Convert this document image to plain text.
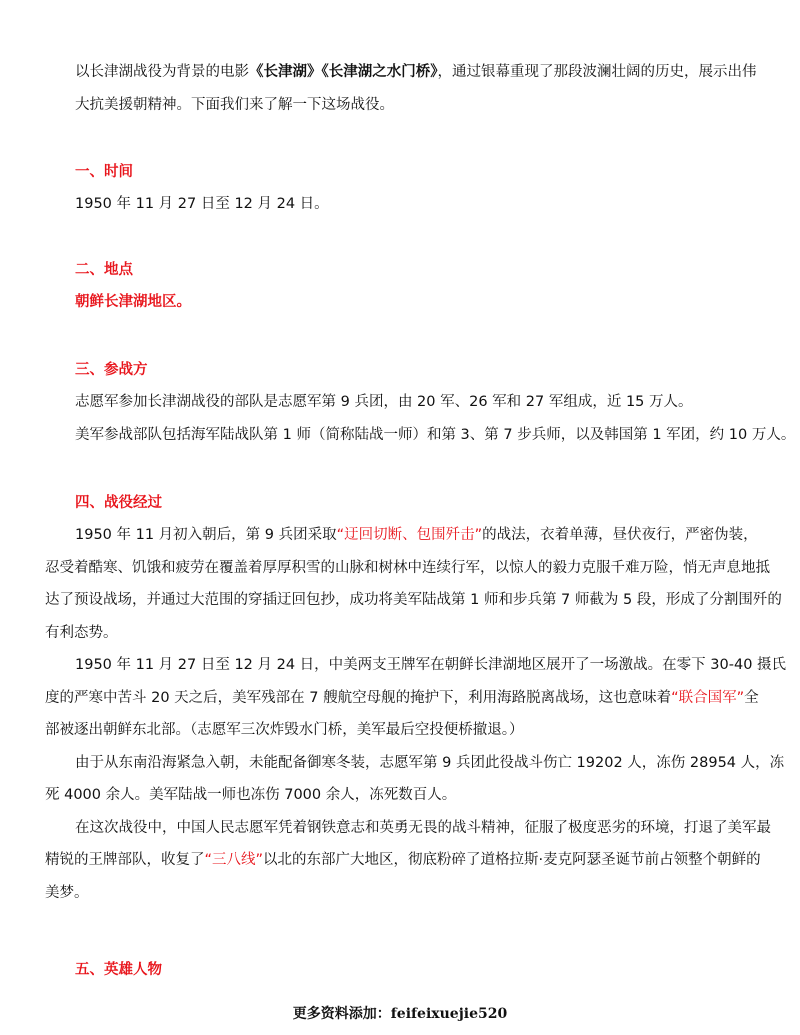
以长津湖战役为背景的电影《长津湖》《长津湖之水门桥》，通过银幕重现了那段波澜壮阔的历史，展示出伟
大抗美援朝精神。下面我们来了解一下这场战役。
一、时间
1950 年 11 月 27 日至 12 月 24 日。
二、地点
朝鲜长津湖地区。
三、参战方
志愿军参加长津湖战役的部队是志愿军第 9 兵团，由 20 军、26 军和 27 军组成，近 15 万人。
美军参战部队包括海军陆战队第 1 师（简称陆战一师）和第 3、第 7 步兵师，以及韩国第 1 军团，约 10 万人。
四、战役经过
1950 年 11 月初入朝后，第 9 兵团采取“迂回切断、包围歼击”的战法，衣着单薄，昼伏夜行，严密伪装，
忍受着酷寒、饥饿和疲劳在覆盖着厚厚积雪的山脉和树林中连续行军，以惊人的毅力克服千难万险，悄无声息地抵
达了预设战场，并通过大范围的穿插迂回包抄，成功将美军陆战第 1 师和步兵第 7 师截为 5 段，形成了分割围歼的
有利态势。
1950 年 11 月 27 日至 12 月 24 日，中美两支王牌军在朝鲜长津湖地区展开了一场激战。在零下 30-40 摄氏
度的严寒中苦斗 20 天之后，美军残部在 7 艘航空母舰的掩护下，利用海路脱离战场，这也意味着“联合国军”全
部被逐出朝鲜东北部。（志愿军三次炸毁水门桥，美军最后空投便桥撤退。）
由于从东南沿海紧急入朝，未能配备御寒冬装，志愿军第 9 兵团此役战斗伤亡 19202 人，冻伤 28954 人，冻
死 4000 余人。美军陆战一师也冻伤 7000 余人，冻死数百人。
在这次战役中，中国人民志愿军凭着钢铁意志和英勇无畏的战斗精神，征服了极度恶劣的环境，打退了美军最
精锐的王牌部队，收复了“三八线”以北的东部广大地区，彻底粉碎了道格拉斯·麦克阿瑟圣诞节前占领整个朝鲜的
美梦。
五、英雄人物
更多资料添加：feifeixuejie520
